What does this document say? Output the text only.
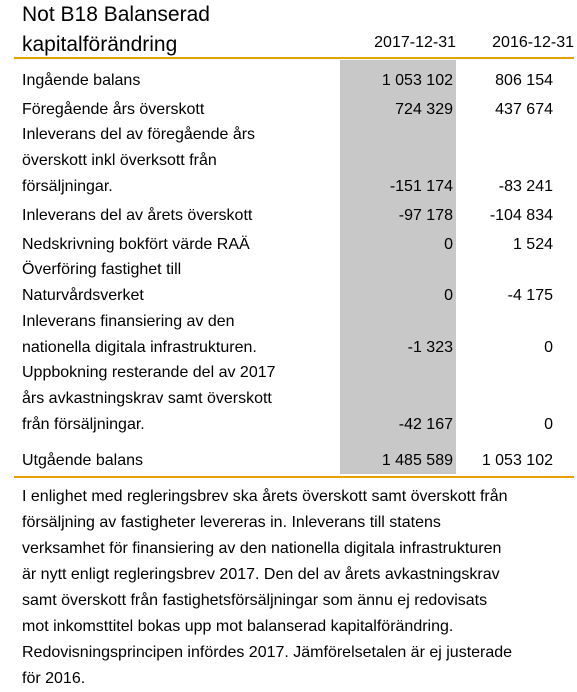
Not B18 Balanserad
kapitalförändring	2017-12-31	2016-12-31
Ingående balans	1 053 102	806 154
Föregående års överskott	724 329	437 674
Inleverans del av föregående års
överskott inkl överksott från
försäljningar.	-151 174	-83 241
Inleverans del av årets överskott	-97 178	-104 834
Nedskrivning bokfört värde RAÄ	0	1 524
Överföring fastighet till
Naturvårdsverket	0	-4 175
Inleverans finansiering av den
nationella digitala infrastrukturen.	-1 323	0
Uppbokning resterande del av 2017
års avkastningskrav samt överskott
från försäljningar.	-42 167	0
Utgående balans	1 485 589	1 053 102
I enlighet med regleringsbrev ska årets överskott samt överskott från
försäljning av fastigheter levereras in. Inleverans till statens
verksamhet för finansiering av den nationella digitala infrastrukturen
är nytt enligt regleringsbrev 2017. Den del av årets avkastningskrav
samt överskott från fastighetsförsäljningar som ännu ej redovisats
mot inkomsttitel bokas upp mot balanserad kapitalförändring.
Redovisningsprincipen infördes 2017. Jämförelsetalen är ej justerade
för 2016.
